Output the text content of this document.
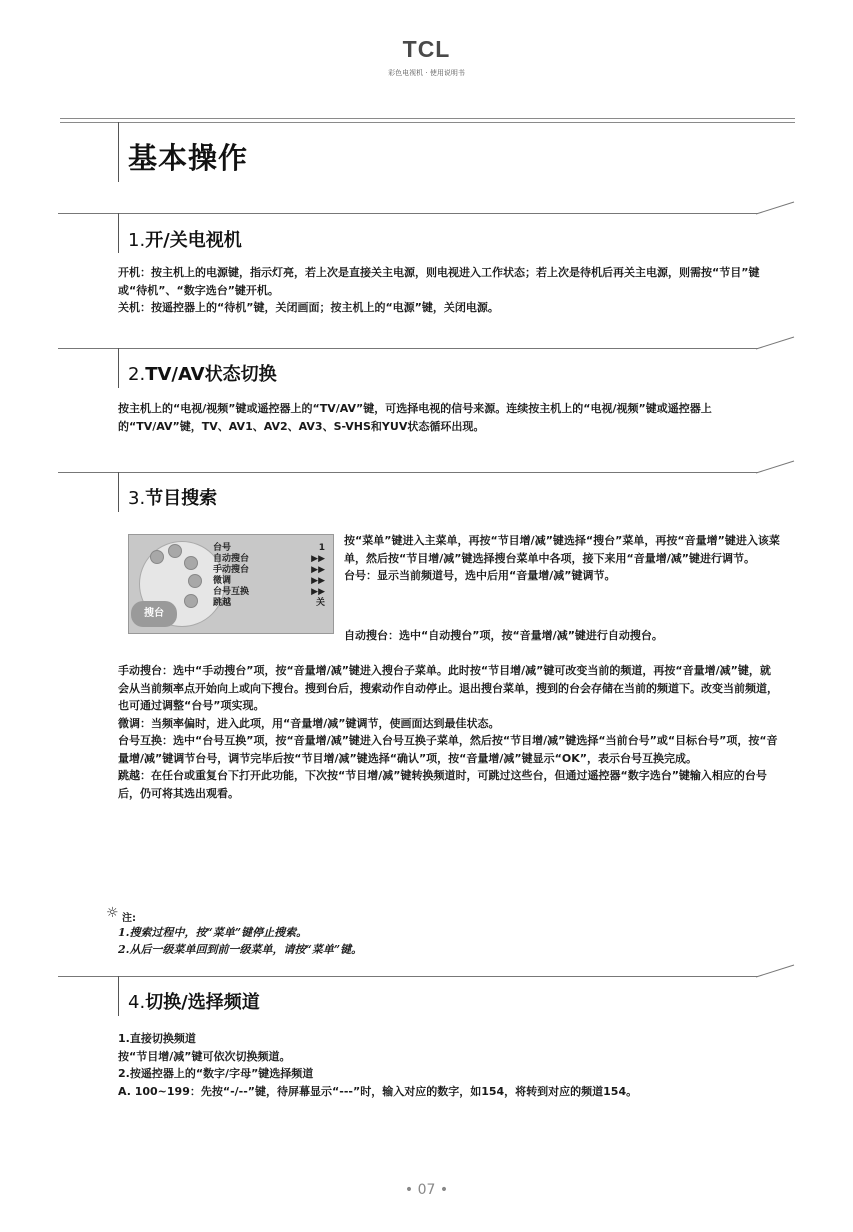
TCL
彩色电视机 · 使用说明书
基本操作
1.开/关电视机

开机：按主机上的电源键，指示灯亮，若上次是直接关主电源，则电视进入工作状态；若上次是待机后再关主电源，则需按“节目”键或“待机”、“数字选台”键开机。

关机：按遥控器上的“待机”键，关闭画面；按主机上的“电源”键，关闭电源。

2.TV/AV状态切换

按主机上的“电视/视频”键或遥控器上的“TV/AV”键，可选择电视的信号来源。连续按主机上的“电视/视频”键或遥控器上的“TV/AV”键，TV、AV1、AV2、AV3、S-VHS和YUV状态循环出现。

3.节目搜索
搜台
台号	1
自动搜台	▶▶
手动搜台	▶▶
微调	▶▶
台号互换	▶▶
跳越	关

按“菜单”键进入主菜单，再按“节目增/减”键选择“搜台”菜单，再按“音量增”键进入该菜单，然后按“节目增/减”键选择搜台菜单中各项，接下来用“音量增/减”键进行调节。

台号：显示当前频道号，选中后用“音量增/减”键调节。

自动搜台：选中“自动搜台”项，按“音量增/减”键进行自动搜台。

手动搜台：选中“手动搜台”项，按“音量增/减”键进入搜台子菜单。此时按“节目增/减”键可改变当前的频道，再按“音量增/减”键，就会从当前频率点开始向上或向下搜台。搜到台后，搜索动作自动停止。退出搜台菜单，搜到的台会存储在当前的频道下。改变当前频道，也可通过调整“台号”项实现。

微调：当频率偏时，进入此项，用“音量增/减”键调节，使画面达到最佳状态。

台号互换：选中“台号互换”项，按“音量增/减”键进入台号互换子菜单，然后按“节目增/减”键选择“当前台号”或“目标台号”项，按“音量增/减”键调节台号，调节完毕后按“节目增/减”键选择“确认”项，按“音量增/减”键显示“OK”，表示台号互换完成。

跳越：在任台或重复台下打开此功能，下次按“节目增/减”键转换频道时，可跳过这些台，但通过遥控器“数字选台”键输入相应的台号后，仍可将其选出观看。

☼ 注:
1.搜索过程中，按“菜单”键停止搜索。
2.从后一级菜单回到前一级菜单，请按“菜单”键。
4.切换/选择频道

1.直接切换频道

按“节目增/减”键可依次切换频道。

2.按遥控器上的“数字/字母”键选择频道

A. 100~199：先按“-/--”键，待屏幕显示“---”时，输入对应的数字，如154，将转到对应的频道154。

• 07 •
